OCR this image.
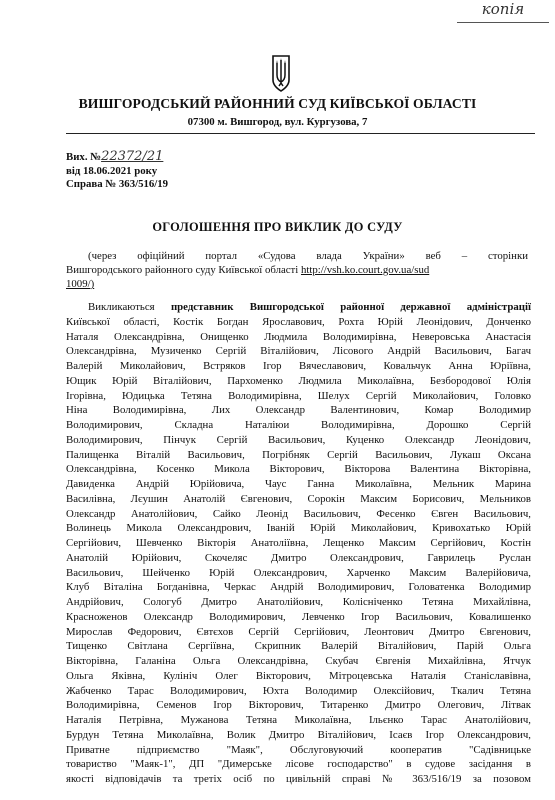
копія
ВИШГОРОДСЬКИЙ РАЙОННИЙ СУД КИЇВСЬКОЇ ОБЛАСТІ
07300 м. Вишгород, вул. Кургузова, 7
Вих. №22372/21
від 18.06.2021 року
Справа № 363/516/19
ОГОЛОШЕННЯ ПРО ВИКЛИК ДО СУДУ
(через офіційний портал «Судова влада України» веб – сторінки
Вишгородського районного суду Київської області http://vsh.ko.court.gov.ua/sud
1009/)
Викликаються представник Вишгородської районної державної адміністрації
Київської області, Костік Богдан Ярославович, Рохта Юрій Леонідович, Донченко
Наталя Олександрівна, Онищенко Людмила Володимирівна, Неверовська Анастасія
Олександрівна, Музиченко Сергій Віталійович, Лісового Андрій Васильович, Багач
Валерій Миколайович, Встряков Ігор Вячеславович, Ковальчук Анна Юріївна,
Ющик Юрій Віталійович, Пархоменко Людмила Миколаївна, Безбородової Юлія
Ігорівна, Юдицька Тетяна Володимирівна, Шелух Сергій Миколайович, Головко
Ніна Володимирівна, Лих Олександр Валентинович, Комар Володимир
Володимирович, Складна Наталіюи Володимирівна, Дорошко Сергій
Володимирович, Пінчук Сергій Васильович, Куценко Олександр Леонідович,
Палищенка Віталій Васильович, Погрібняк Сергій Васильович, Лукаш Оксана
Олександрівна, Косенко Микола Вікторович, Вікторова Валентина Вікторівна,
Давиденка Андрій Юрійовича, Чаус Ганна Миколаївна, Мельник Марина
Василівна, Лєушин Анатолій Євгенович, Сорокін Максим Борисович, Мельников
Олександр Анатолійович, Сайко Леонід Васильович, Фесенко Євген Васильович,
Волинець Микола Олександрович, Іваній Юрій Миколайович, Кривохатько Юрій
Сергійович, Шевченко Вікторія Анатоліївна, Лещенко Максим Сергійович, Костін
Анатолій Юрійович, Скочеляс Дмитро Олександрович, Гаврилець Руслан
Васильович, Шейченко Юрій Олександрович, Харченко Максим Валерійовича,
Клуб Віталіна Богданівна, Черкас Андрій Володимирович, Головатенка Володимир
Андрійович, Сологуб Дмитро Анатолійович, Колісніченко Тетяна Михайлівна,
Красноженов Олександр Володимирович, Левченко Ігор Васильович, Ковалишенко
Мирослав Федорович, Євтєхов Сергій Сергійович, Леонтович Дмитро Євгенович,
Тищенко Світлана Сергіївна, Скрипник Валерій Віталійович, Парій Ольга
Вікторівна, Галаніна Ольга Олександрівна, Скубач Євгенія Михайлівна, Ятчук
Ольга Яківна, Кулініч Олег Вікторович, Мітроцевська Наталія Станіславівна,
Жабченко Тарас Володимирович, Юхта Володимир Олексійович, Ткалич Тетяна
Володимирівна, Семенов Ігор Вікторович, Титаренко Дмитро Олегович, Літвак
Наталія Петрівна, Мужанова Тетяна Миколаївна, Ільєнко Тарас Анатолійович,
Бурдун Тетяна Миколаївна, Волик Дмитро Віталійович, Ісаєв Ігор Олександрович,
Приватне підприємство "Маяк", Обслуговуючий кооператив "Садівницьке
товариство "Маяк-1", ДП "Димерське лісове господарство" в судове засідання в
якості відповідачів та третіх осіб по цивільній справі № 363/516/19 за позовом
